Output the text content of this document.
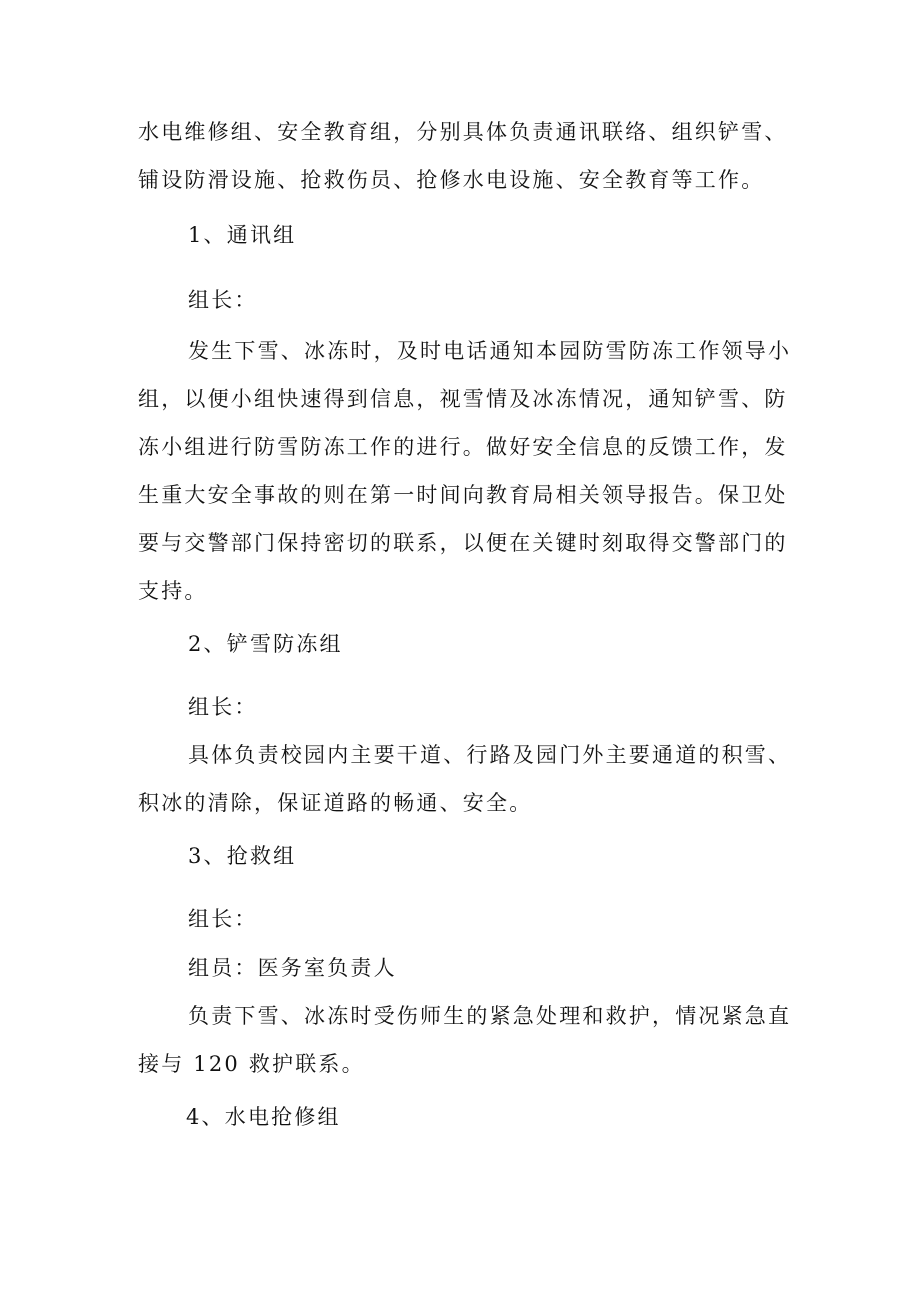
水电维修组、安全教育组，分别具体负责通讯联络、组织铲雪、
铺设防滑设施、抢救伤员、抢修水电设施、安全教育等工作。
1、通讯组
组长：
发生下雪、冰冻时，及时电话通知本园防雪防冻工作领导小
组，以便小组快速得到信息，视雪情及冰冻情况，通知铲雪、防
冻小组进行防雪防冻工作的进行。做好安全信息的反馈工作，发
生重大安全事故的则在第一时间向教育局相关领导报告。保卫处
要与交警部门保持密切的联系，以便在关键时刻取得交警部门的
支持。
2、铲雪防冻组
组长：
具体负责校园内主要干道、行路及园门外主要通道的积雪、
积冰的清除，保证道路的畅通、安全。
3、抢救组
组长：
组员：医务室负责人
负责下雪、冰冻时受伤师生的紧急处理和救护，情况紧急直
接与 120 救护联系。
4、水电抢修组
